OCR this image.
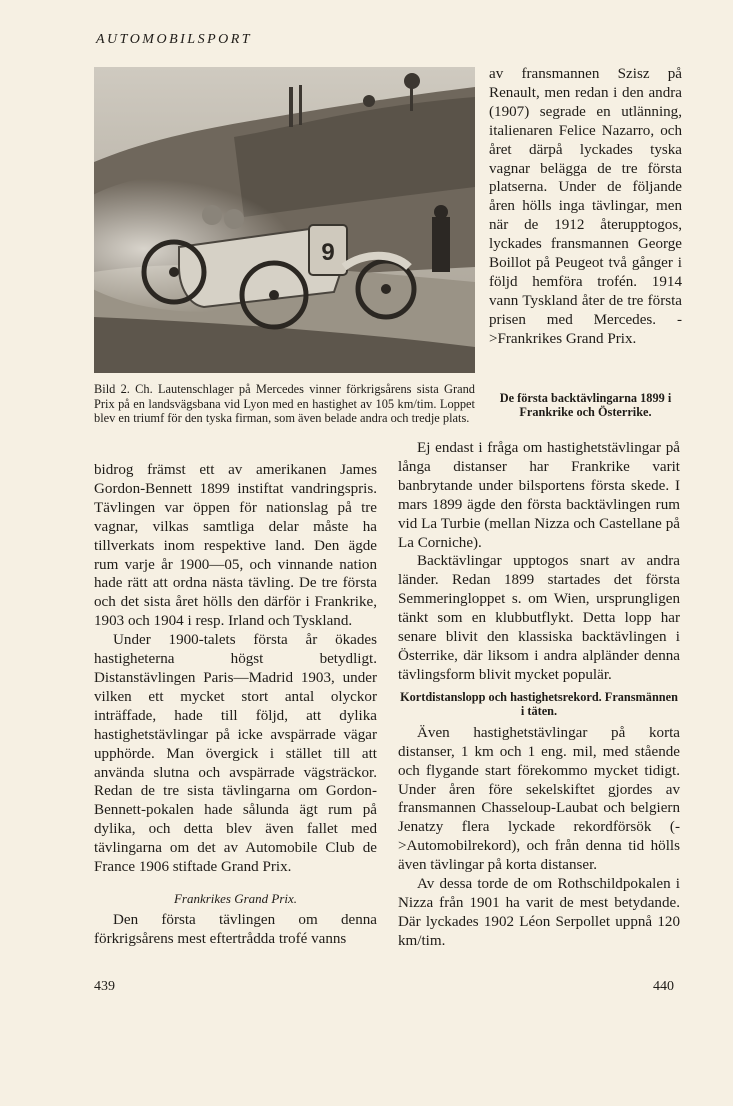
AUTOMOBILSPORT
9
Bild 2. Ch. Lautenschlager på Mercedes vinner förkrigsårens sista Grand Prix på en landsvägsbana vid Lyon med en hastighet av 105 km/tim. Loppet blev en triumf för den tyska firman, som även belade andra och tredje plats.

av fransmannen Szisz på Renault, men redan i den andra (1907) segrade en utlänning, italienaren Felice Nazarro, och året därpå lyckades tyska vagnar belägga de tre första platserna. Under de följande åren hölls inga tävlingar, men när de 1912 återupptogos, lyckades fransmannen George Boillot på Peugeot två gånger i följd hemföra trofén. 1914 vann Tyskland åter de tre första prisen med Mercedes. ->Frankrikes Grand Prix.

De första backtävlingarna 1899 i Frankrike och Österrike.

bidrog främst ett av amerikanen James Gordon-Bennett 1899 instiftat vandringspris. Tävlingen var öppen för nationslag på tre vagnar, vilkas samtliga delar måste ha tillverkats inom respektive land. Den ägde rum varje år 1900—05, och vinnande nation hade rätt att ordna nästa tävling. De tre första och det sista året hölls den därför i Frankrike, 1903 och 1904 i resp. Irland och Tyskland.

Under 1900-talets första år ökades hastigheterna högst betydligt. Distanstävlingen Paris—Madrid 1903, under vilken ett mycket stort antal olyckor inträffade, hade till följd, att dylika hastighetstävlingar på icke avspärrade vägar upphörde. Man övergick i stället till att använda slutna och avspärrade vägsträckor. Redan de tre sista tävlingarna om Gordon-Bennett-pokalen hade sålunda ägt rum på dylika, och detta blev även fallet med tävlingarna om det av Automobile Club de France 1906 stiftade Grand Prix.

Frankrikes Grand Prix.

Den första tävlingen om denna förkrigsårens mest eftertrådda trofé vanns

Ej endast i fråga om hastighetstävlingar på långa distanser har Frankrike varit banbrytande under bilsportens första skede. I mars 1899 ägde den första backtävlingen rum vid La Turbie (mellan Nizza och Castellane på La Corniche).

Backtävlingar upptogos snart av andra länder. Redan 1899 startades det första Semmeringloppet s. om Wien, ursprungligen tänkt som en klubbutflykt. Detta lopp har senare blivit den klassiska backtävlingen i Österrike, där liksom i andra alpländer denna tävlingsform blivit mycket populär.

Kortdistanslopp och hastighetsrekord. Fransmännen i täten.

Även hastighetstävlingar på korta distanser, 1 km och 1 eng. mil, med stående och flygande start förekommo mycket tidigt. Under åren före sekelskiftet gjordes av fransmannen Chasseloup-Laubat och belgiern Jenatzy flera lyckade rekordförsök (->Automobilrekord), och från denna tid hölls även tävlingar på korta distanser.

Av dessa torde de om Rothschildpokalen i Nizza från 1901 ha varit de mest betydande. Där lyckades 1902 Léon Serpollet uppnå 120 km/tim.

439	440
